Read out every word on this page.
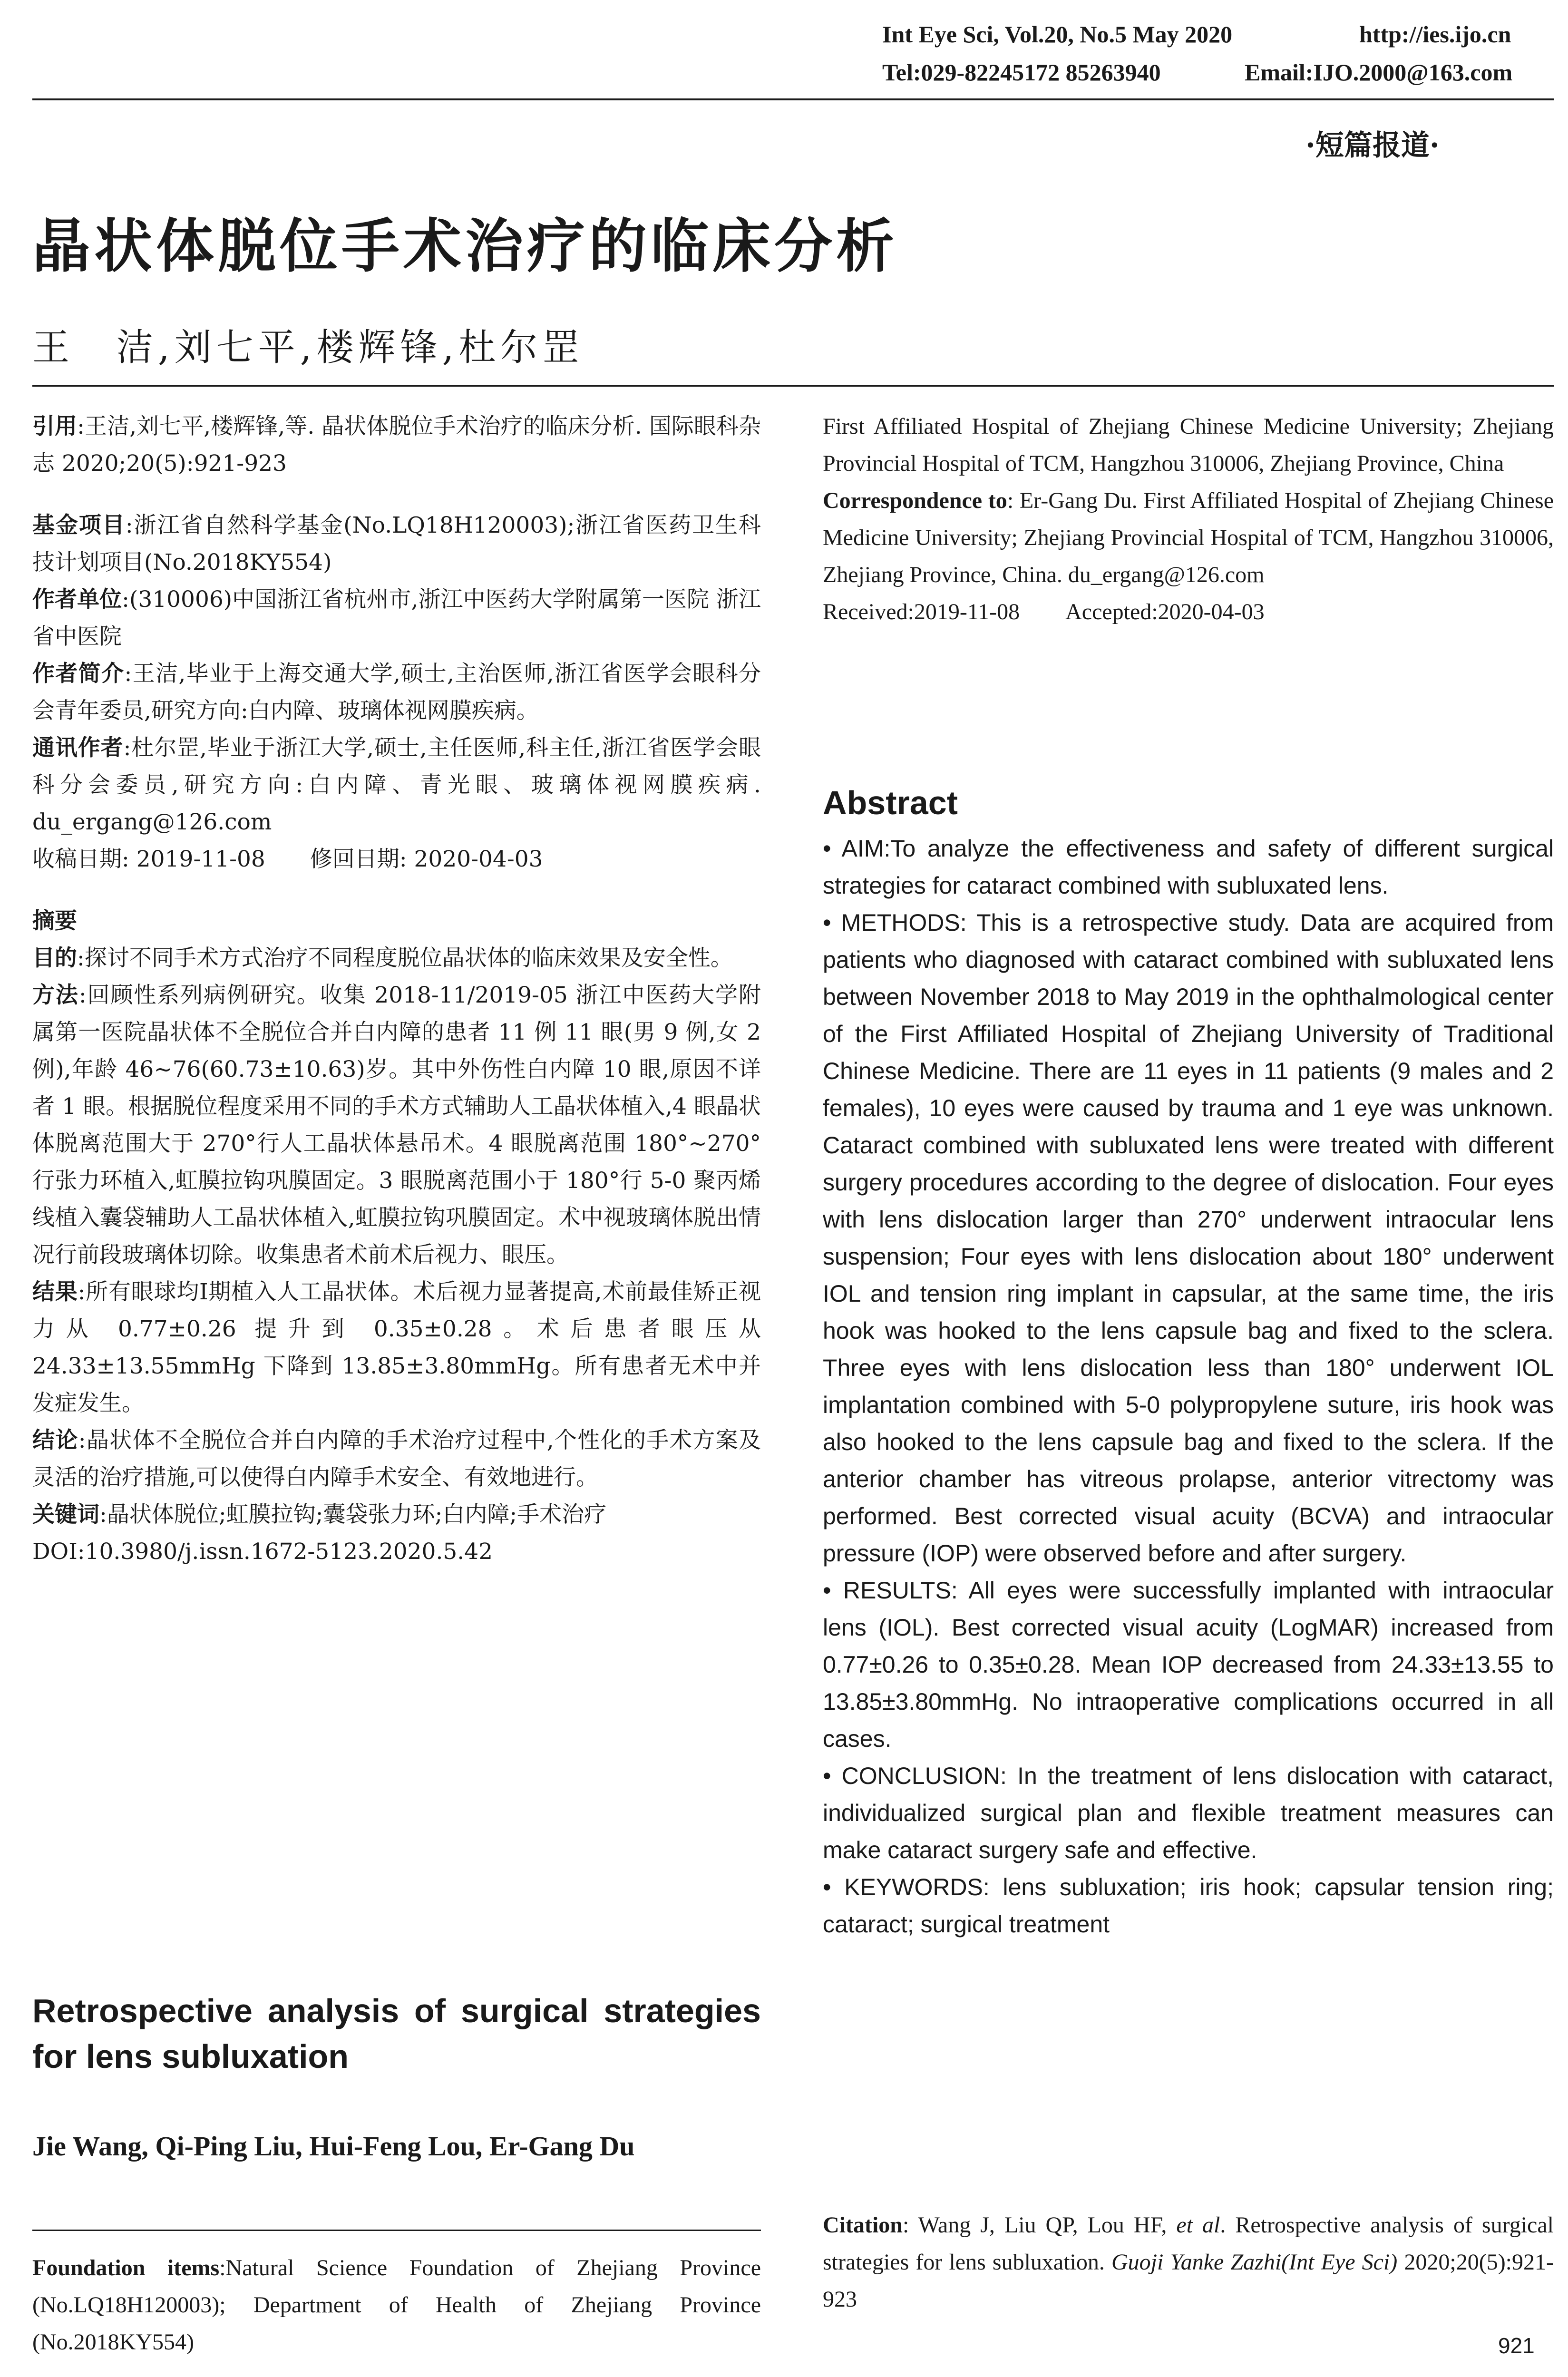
Int Eye Sci, Vol.20, No.5 May 2020	http://ies.ijo.cn
Tel:029-82245172 85263940	Email:IJO.2000@163.com
·短篇报道·
晶状体脱位手术治疗的临床分析
王　洁,刘七平,楼辉锋,杜尔罡

引用:王洁,刘七平,楼辉锋,等. 晶状体脱位手术治疗的临床分析. 国际眼科杂志 2020;20(5):921-923

基金项目:浙江省自然科学基金(No.LQ18H120003);浙江省医药卫生科技计划项目(No.2018KY554)

作者单位:(310006)中国浙江省杭州市,浙江中医药大学附属第一医院 浙江省中医院

作者简介:王洁,毕业于上海交通大学,硕士,主治医师,浙江省医学会眼科分会青年委员,研究方向:白内障、玻璃体视网膜疾病。

通讯作者:杜尔罡,毕业于浙江大学,硕士,主任医师,科主任,浙江省医学会眼科分会委员,研究方向:白内障、青光眼、玻璃体视网膜疾病. du_ergang@126.com

收稿日期: 2019-11-08　　修回日期: 2020-04-03

摘要

目的:探讨不同手术方式治疗不同程度脱位晶状体的临床效果及安全性。

方法:回顾性系列病例研究。收集 2018-11/2019-05 浙江中医药大学附属第一医院晶状体不全脱位合并白内障的患者 11 例 11 眼(男 9 例,女 2 例),年龄 46~76(60.73±10.63)岁。其中外伤性白内障 10 眼,原因不详者 1 眼。根据脱位程度采用不同的手术方式辅助人工晶状体植入,4 眼晶状体脱离范围大于 270°行人工晶状体悬吊术。4 眼脱离范围 180°~270°行张力环植入,虹膜拉钩巩膜固定。3 眼脱离范围小于 180°行 5-0 聚丙烯线植入囊袋辅助人工晶状体植入,虹膜拉钩巩膜固定。术中视玻璃体脱出情况行前段玻璃体切除。收集患者术前术后视力、眼压。

结果:所有眼球均Ⅰ期植入人工晶状体。术后视力显著提高,术前最佳矫正视力从 0.77±0.26 提升到 0.35±0.28。术后患者眼压从 24.33±13.55mmHg 下降到 13.85±3.80mmHg。所有患者无术中并发症发生。

结论:晶状体不全脱位合并白内障的手术治疗过程中,个性化的手术方案及灵活的治疗措施,可以使得白内障手术安全、有效地进行。

关键词:晶状体脱位;虹膜拉钩;囊袋张力环;白内障;手术治疗

DOI:10.3980/j.issn.1672-5123.2020.5.42

Retrospective analysis of surgical strategies for lens subluxation
Jie Wang, Qi-Ping Liu, Hui-Feng Lou, Er-Gang Du
Foundation items:Natural Science Foundation of Zhejiang Province (No.LQ18H120003); Department of Health of Zhejiang Province (No.2018KY554)

First Affiliated Hospital of Zhejiang Chinese Medicine University; Zhejiang Provincial Hospital of TCM, Hangzhou 310006, Zhejiang Province, China

Correspondence to: Er-Gang Du. First Affiliated Hospital of Zhejiang Chinese Medicine University; Zhejiang Provincial Hospital of TCM, Hangzhou 310006, Zhejiang Province, China. du_ergang@126.com

Received:2019-11-08　　Accepted:2020-04-03

Abstract

• AIM:To analyze the effectiveness and safety of different surgical strategies for cataract combined with subluxated lens.

• METHODS: This is a retrospective study. Data are acquired from patients who diagnosed with cataract combined with subluxated lens between November 2018 to May 2019 in the ophthalmological center of the First Affiliated Hospital of Zhejiang University of Traditional Chinese Medicine. There are 11 eyes in 11 patients (9 males and 2 females), 10 eyes were caused by trauma and 1 eye was unknown. Cataract combined with subluxated lens were treated with different surgery procedures according to the degree of dislocation. Four eyes with lens dislocation larger than 270° underwent intraocular lens suspension; Four eyes with lens dislocation about 180° underwent IOL and tension ring implant in capsular, at the same time, the iris hook was hooked to the lens capsule bag and fixed to the sclera. Three eyes with lens dislocation less than 180° underwent IOL implantation combined with 5-0 polypropylene suture, iris hook was also hooked to the lens capsule bag and fixed to the sclera. If the anterior chamber has vitreous prolapse, anterior vitrectomy was performed. Best corrected visual acuity (BCVA) and intraocular pressure (IOP) were observed before and after surgery.

• RESULTS: All eyes were successfully implanted with intraocular lens (IOL). Best corrected visual acuity (LogMAR) increased from 0.77±0.26 to 0.35±0.28. Mean IOP decreased from 24.33±13.55 to 13.85±3.80mmHg. No intraoperative complications occurred in all cases.

• CONCLUSION: In the treatment of lens dislocation with cataract, individualized surgical plan and flexible treatment measures can make cataract surgery safe and effective.

• KEYWORDS: lens subluxation; iris hook; capsular tension ring; cataract; surgical treatment

Citation: Wang J, Liu QP, Lou HF, et al. Retrospective analysis of surgical strategies for lens subluxation. Guoji Yanke Zazhi(Int Eye Sci) 2020;20(5):921-923
921
